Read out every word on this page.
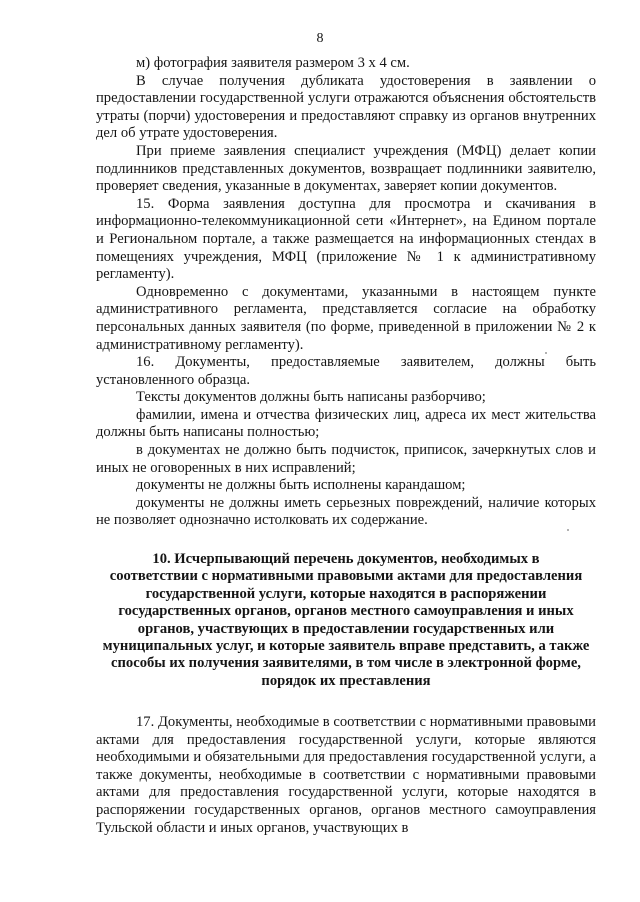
8

м) фотография заявителя размером 3 х 4 см.

В случае получения дубликата удостоверения в заявлении о предоставлении государственной услуги отражаются объяснения обстоятельств утраты (порчи) удостоверения и предоставляют справку из органов внутренних дел об утрате удостоверения.

При приеме заявления специалист учреждения (МФЦ) делает копии подлинников представленных документов, возвращает подлинники заявителю, проверяет сведения, указанные в документах, заверяет копии документов.

15. Форма заявления доступна для просмотра и скачивания в информационно-телекоммуникационной сети «Интернет», на Едином портале и Региональном портале, а также размещается на информационных стендах в помещениях учреждения, МФЦ (приложение № 1 к административному регламенту).

Одновременно с документами, указанными в настоящем пункте административного регламента, представляется согласие на обработку персональных данных заявителя (по форме, приведенной в приложении № 2 к административному регламенту).

16. Документы, предоставляемые заявителем, должны быть установленного образца.

Тексты документов должны быть написаны разборчиво;

фамилии, имена и отчества физических лиц, адреса их мест жительства должны быть написаны полностью;

в документах не должно быть подчисток, приписок, зачеркнутых слов и иных не оговоренных в них исправлений;

документы не должны быть исполнены карандашом;

документы не должны иметь серьезных повреждений, наличие которых не позволяет однозначно истолковать их содержание.

10. Исчерпывающий перечень документов, необходимых в
соответствии с нормативными правовыми актами для предоставления
государственной услуги, которые находятся в распоряжении
государственных органов, органов местного самоуправления и иных
органов, участвующих в предоставлении государственных или
муниципальных услуг, и которые заявитель вправе представить, а также
способы их получения заявителями, в том числе в электронной форме,
порядок их преставления

17. Документы, необходимые в соответствии с нормативными правовыми актами для предоставления государственной услуги, которые являются необходимыми и обязательными для предоставления государственной услуги, а также документы, необходимые в соответствии с нормативными правовыми актами для предоставления государственной услуги, которые находятся в распоряжении государственных органов, органов местного самоуправления Тульской области и иных органов, участвующих в
